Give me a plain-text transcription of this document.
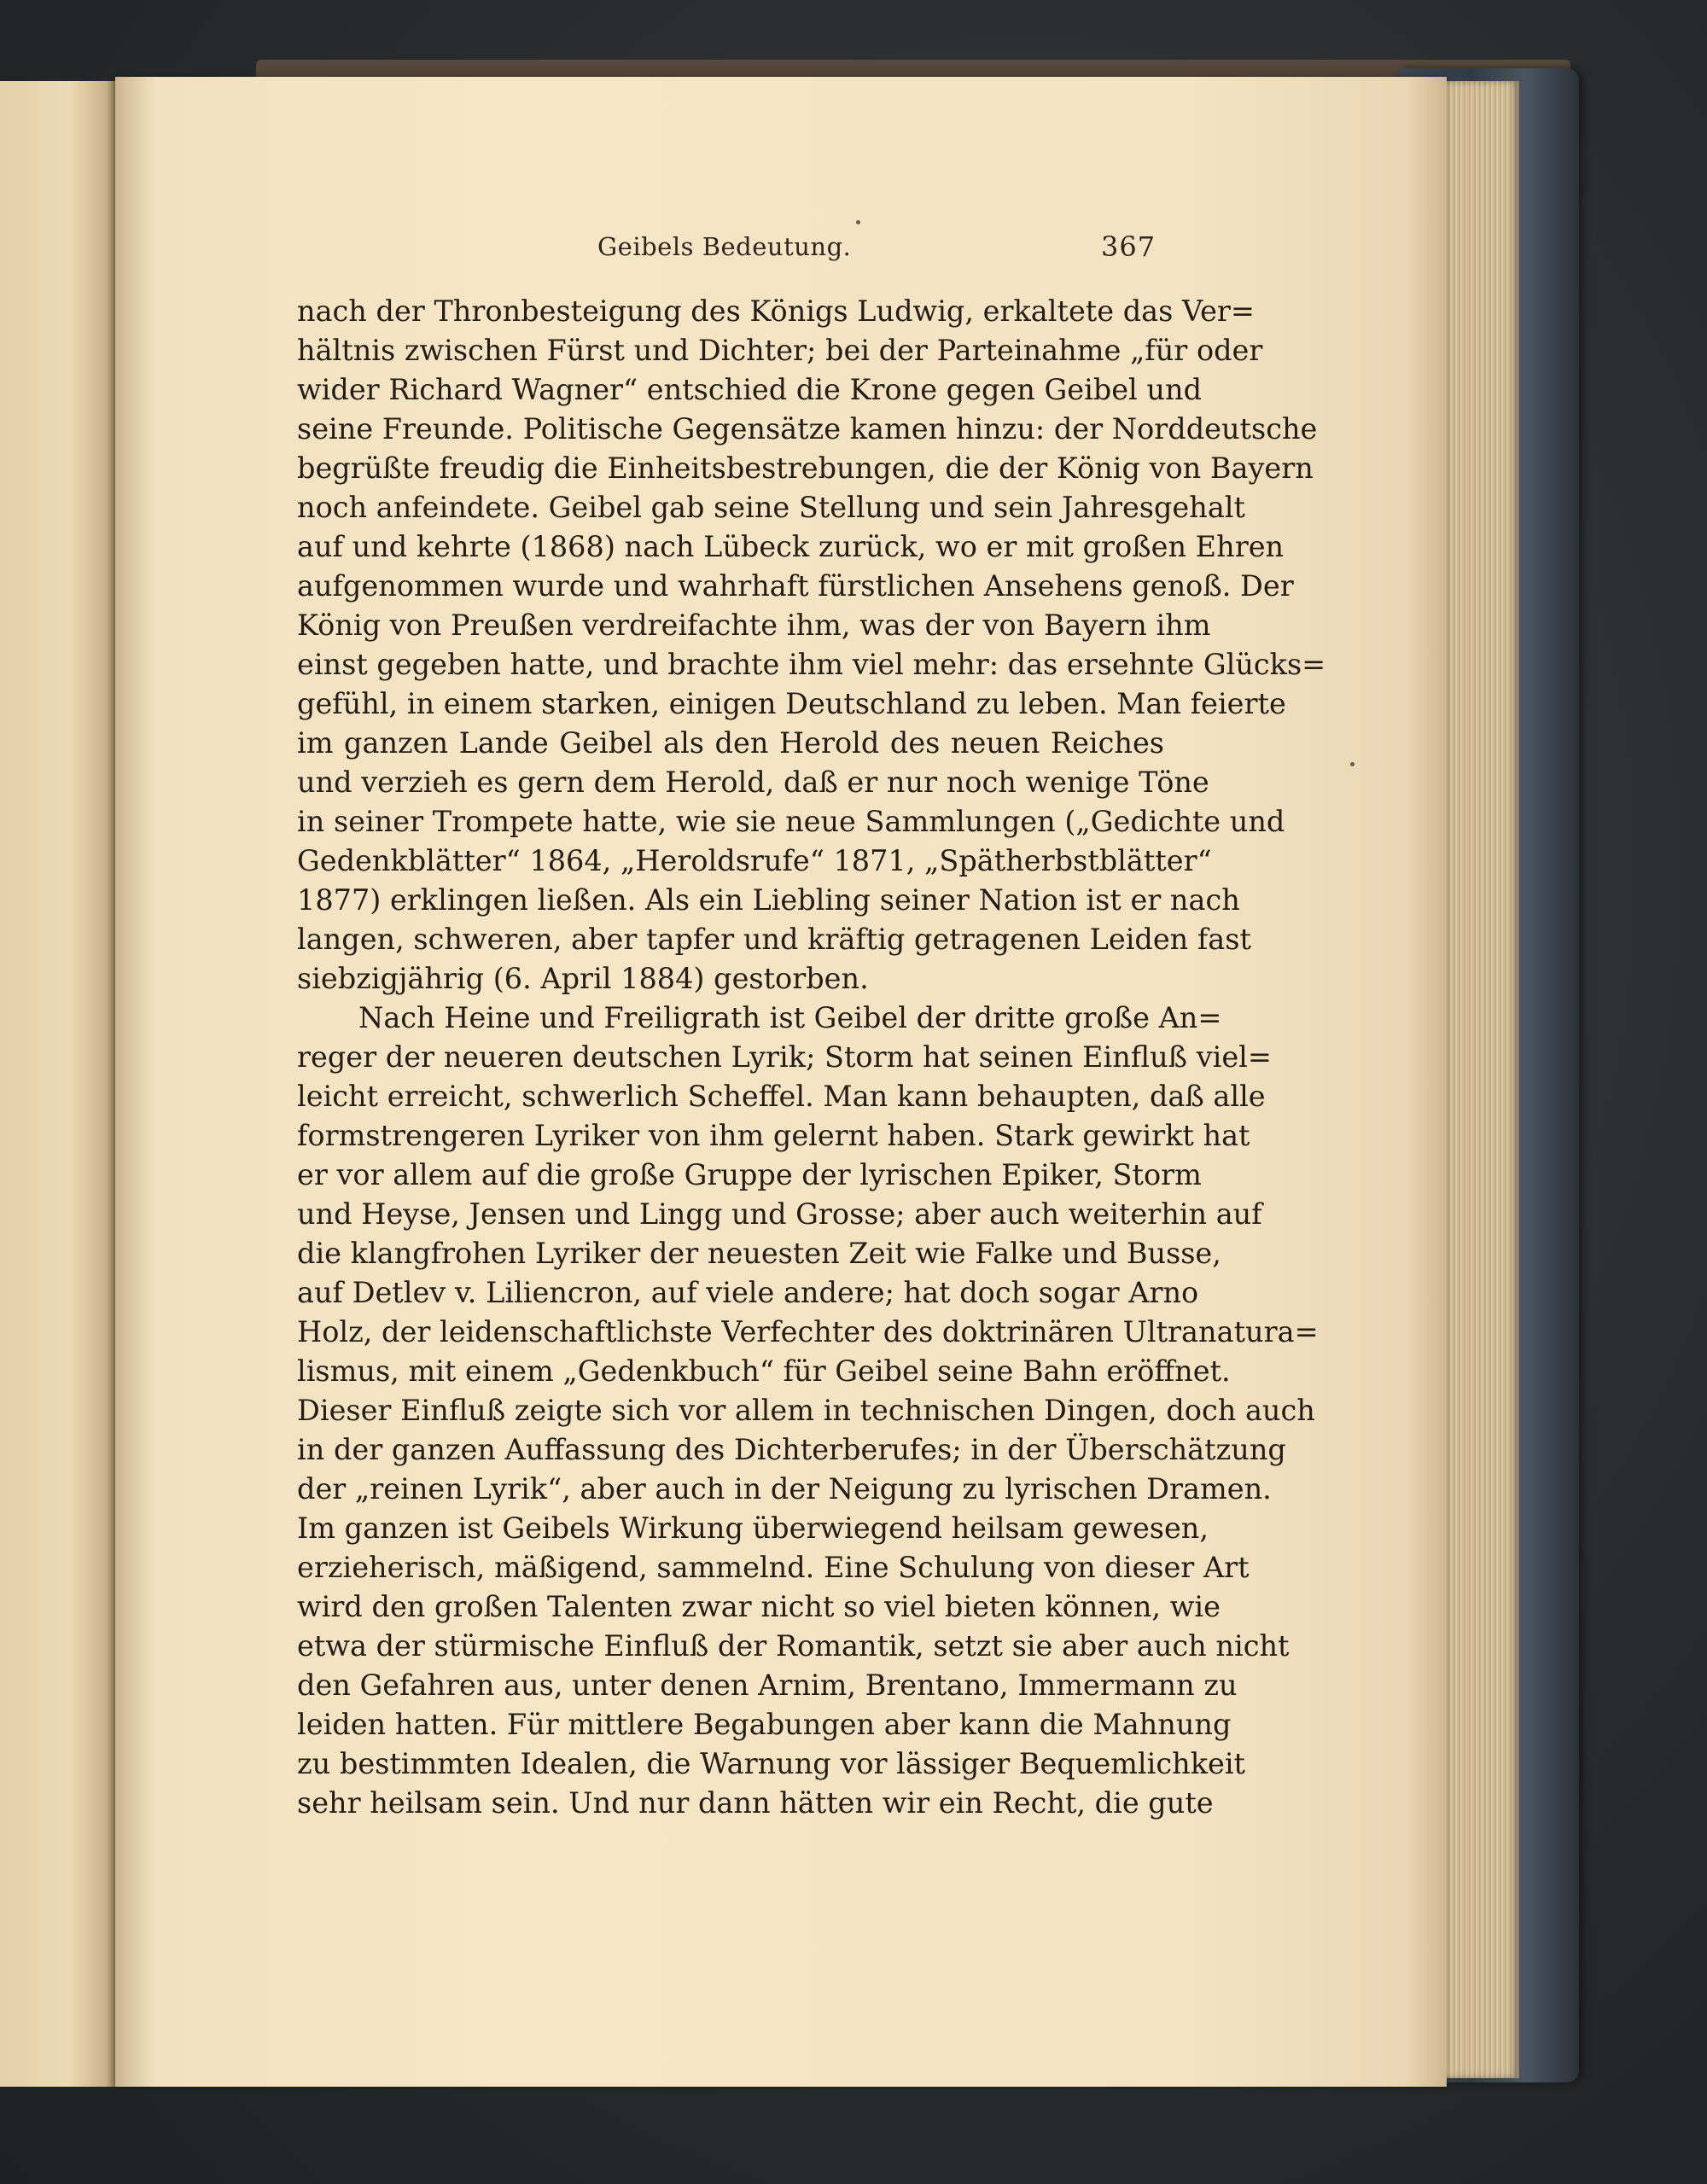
Geibels Bedeutung.	367
nach der Thronbesteigung des Königs Ludwig, erkaltete das Ver=
hältnis zwischen Fürst und Dichter; bei der Parteinahme „für oder
wider Richard Wagner“ entschied die Krone gegen Geibel und
seine Freunde. Politische Gegensätze kamen hinzu: der Norddeutsche
begrüßte freudig die Einheitsbestrebungen, die der König von Bayern
noch anfeindete. Geibel gab seine Stellung und sein Jahresgehalt
auf und kehrte (1868) nach Lübeck zurück, wo er mit großen Ehren
aufgenommen wurde und wahrhaft fürstlichen Ansehens genoß. Der
König von Preußen verdreifachte ihm, was der von Bayern ihm
einst gegeben hatte, und brachte ihm viel mehr: das ersehnte Glücks=
gefühl, in einem starken, einigen Deutschland zu leben. Man feierte
im ganzen Lande Geibel als den Herold des neuen Reiches
und verzieh es gern dem Herold, daß er nur noch wenige Töne
in seiner Trompete hatte, wie sie neue Sammlungen („Gedichte und
Gedenkblätter“ 1864, „Heroldsrufe“ 1871, „Spätherbstblätter“
1877) erklingen ließen. Als ein Liebling seiner Nation ist er nach
langen, schweren, aber tapfer und kräftig getragenen Leiden fast
siebzigjährig (6. April 1884) gestorben.
Nach Heine und Freiligrath ist Geibel der dritte große An=
reger der neueren deutschen Lyrik; Storm hat seinen Einfluß viel=
leicht erreicht, schwerlich Scheffel. Man kann behaupten, daß alle
formstrengeren Lyriker von ihm gelernt haben. Stark gewirkt hat
er vor allem auf die große Gruppe der lyrischen Epiker, Storm
und Heyse, Jensen und Lingg und Grosse; aber auch weiterhin auf
die klangfrohen Lyriker der neuesten Zeit wie Falke und Busse,
auf Detlev v. Liliencron, auf viele andere; hat doch sogar Arno
Holz, der leidenschaftlichste Verfechter des doktrinären Ultranatura=
lismus, mit einem „Gedenkbuch“ für Geibel seine Bahn eröffnet.
Dieser Einfluß zeigte sich vor allem in technischen Dingen, doch auch
in der ganzen Auffassung des Dichterberufes; in der Überschätzung
der „reinen Lyrik“, aber auch in der Neigung zu lyrischen Dramen.
Im ganzen ist Geibels Wirkung überwiegend heilsam gewesen,
erzieherisch, mäßigend, sammelnd. Eine Schulung von dieser Art
wird den großen Talenten zwar nicht so viel bieten können, wie
etwa der stürmische Einfluß der Romantik, setzt sie aber auch nicht
den Gefahren aus, unter denen Arnim, Brentano, Immermann zu
leiden hatten. Für mittlere Begabungen aber kann die Mahnung
zu bestimmten Idealen, die Warnung vor lässiger Bequemlichkeit
sehr heilsam sein. Und nur dann hätten wir ein Recht, die gute
